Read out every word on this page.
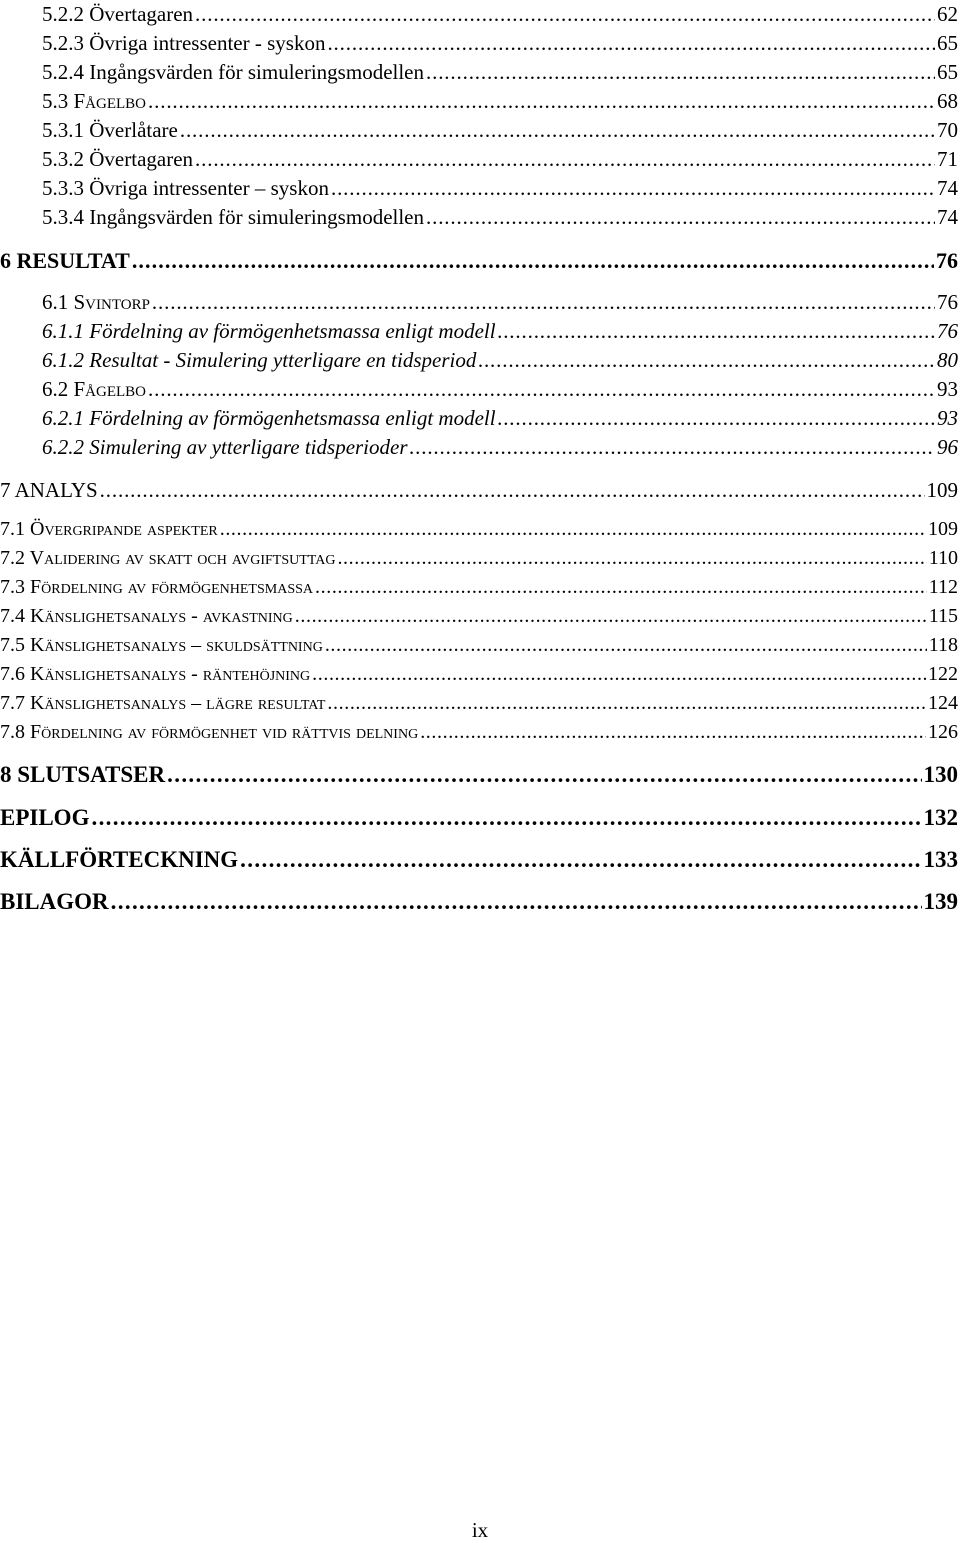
5.2.2 Övertagaren . . .	62
5.2.3 Övriga intressenter - syskon . . .	65
5.2.4 Ingångsvärden för simuleringsmodellen . . .	65
5.3 Fågelbo . . .	68
5.3.1 Överlåtare . . .	70
5.3.2 Övertagaren . . .	71
5.3.3 Övriga intressenter – syskon . . .	74
5.3.4 Ingångsvärden för simuleringsmodellen . . .	74
6 RESULTAT . . .	76
6.1 Svintorp . . .	76
6.1.1 Fördelning av förmögenhetsmassa enligt modell . . .	76
6.1.2 Resultat - Simulering ytterligare en tidsperiod . . .	80
6.2 Fågelbo . . .	93
6.2.1 Fördelning av förmögenhetsmassa enligt modell . . .	93
6.2.2 Simulering av ytterligare tidsperioder . . .	96
7 ANALYS . . .	109
7.1 Övergripande aspekter . . .	109
7.2 Validering av skatt och avgiftsuttag . . .	110
7.3 Fördelning av förmögenhetsmassa . . .	112
7.4 Känslighetsanalys - avkastning . . .	115
7.5 Känslighetsanalys – skuldsättning . . .	118
7.6 Känslighetsanalys - räntehöjning . . .	122
7.7 Känslighetsanalys – lägre resultat . . .	124
7.8 Fördelning av förmögenhet vid rättvis delning . . .	126
8 SLUTSATSER . . .	130
EPILOG . . .	132
KÄLLFÖRTECKNING . . .	133
BILAGOR . . .	139
ix
